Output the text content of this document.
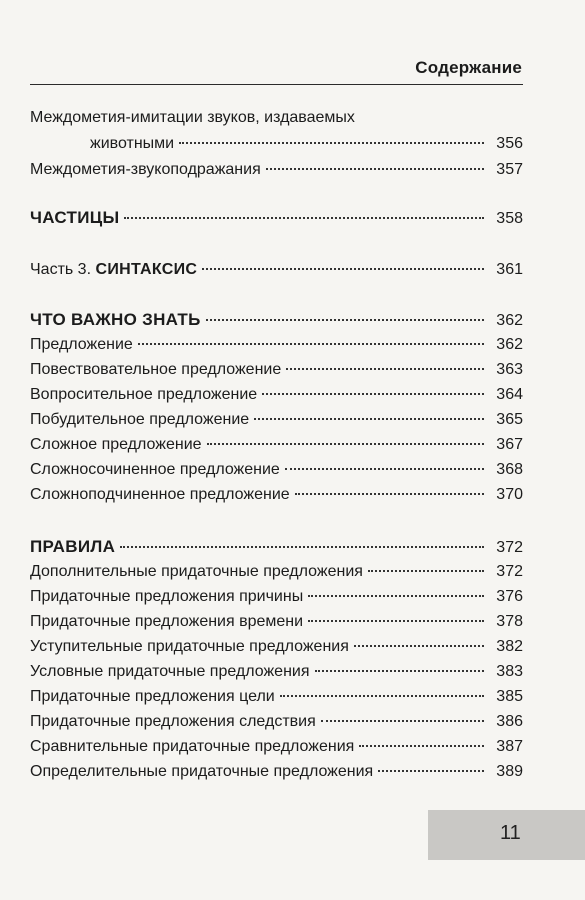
Содержание
Междометия-имитации звуков, издаваемых
животными	356
Междометия-звукоподражания	357
ЧАСТИЦЫ	358
Часть 3. СИНТАКСИС	361
ЧТО ВАЖНО ЗНАТЬ	362
Предложение	362
Повествовательное предложение	363
Вопросительное предложение	364
Побудительное предложение	365
Сложное предложение	367
Сложносочиненное предложение	368
Сложноподчиненное предложение	370
ПРАВИЛА	372
Дополнительные придаточные предложения	372
Придаточные предложения причины	376
Придаточные предложения времени	378
Уступительные придаточные предложения	382
Условные придаточные предложения	383
Придаточные предложения цели	385
Придаточные предложения следствия	386
Сравнительные придаточные предложения	387
Определительные придаточные предложения	389
11
